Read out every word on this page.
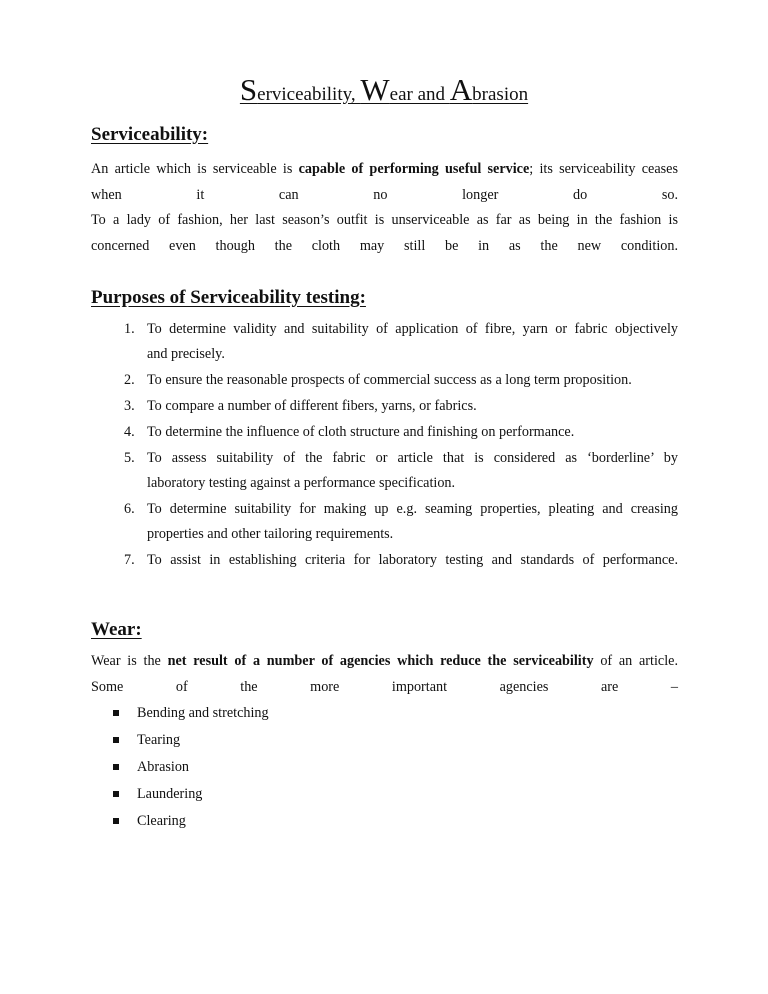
Serviceability, Wear and Abrasion
Serviceability:
An article which is serviceable is capable of performing useful service; its serviceability ceases
when it can no longer do so.
To a lady of fashion, her last season’s outfit is unserviceable as far as being in the fashion is
concerned even though the cloth may still be in as the new condition.
Purposes of Serviceability testing:
1. To determine validity and suitability of application of fibre, yarn or fabric objectively
and precisely.
2. To ensure the reasonable prospects of commercial success as a long term proposition.
3. To compare a number of different fibers, yarns, or fabrics.
4. To determine the influence of cloth structure and finishing on performance.
5. To assess suitability of the fabric or article that is considered as ‘borderline’ by
laboratory testing against a performance specification.
6. To determine suitability for making up e.g. seaming properties, pleating and creasing
properties and other tailoring requirements.
7. To assist in establishing criteria for laboratory testing and standards of performance.
Wear:
Wear is the net result of a number of agencies which reduce the serviceability of an article.
Some of the more important agencies are –
Bending and stretching
Tearing
Abrasion
Laundering
Clearing
